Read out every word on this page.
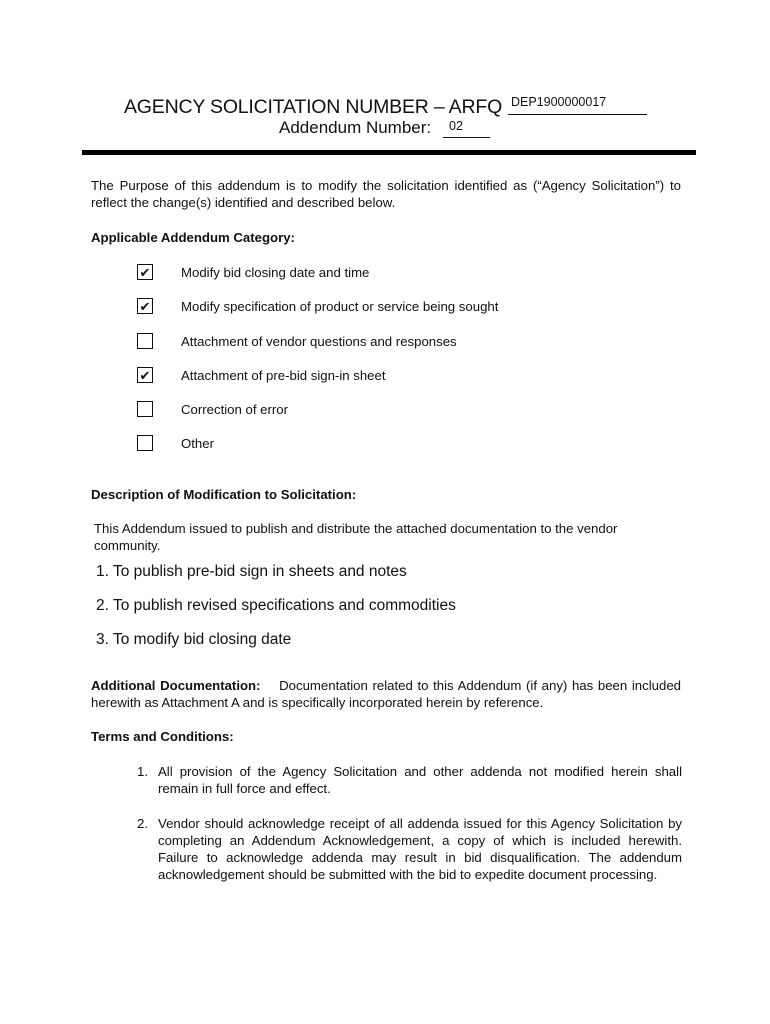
AGENCY SOLICITATION NUMBER – ARFQ DEP1900000017
Addendum Number:	02
The Purpose of this addendum is to modify the solicitation identified as (“Agency Solicitation”) to reflect the change(s) identified and described below.
Applicable Addendum Category:
✔ Modify bid closing date and time
✔ Modify specification of product or service being sought
Attachment of vendor questions and responses
✔ Attachment of pre-bid sign-in sheet
Correction of error
Other
Description of Modification to Solicitation:
This Addendum issued to publish and distribute the attached documentation to the vendor community.
1. To publish pre-bid sign in sheets and notes
2. To publish revised specifications and commodities
3. To modify bid closing date
Additional Documentation: Documentation related to this Addendum (if any) has been included herewith as Attachment A and is specifically incorporated herein by reference.
Terms and Conditions:
1. All provision of the Agency Solicitation and other addenda not modified herein shall remain in full force and effect.
2. Vendor should acknowledge receipt of all addenda issued for this Agency Solicitation by completing an Addendum Acknowledgement, a copy of which is included herewith. Failure to acknowledge addenda may result in bid disqualification. The addendum acknowledgement should be submitted with the bid to expedite document processing.
